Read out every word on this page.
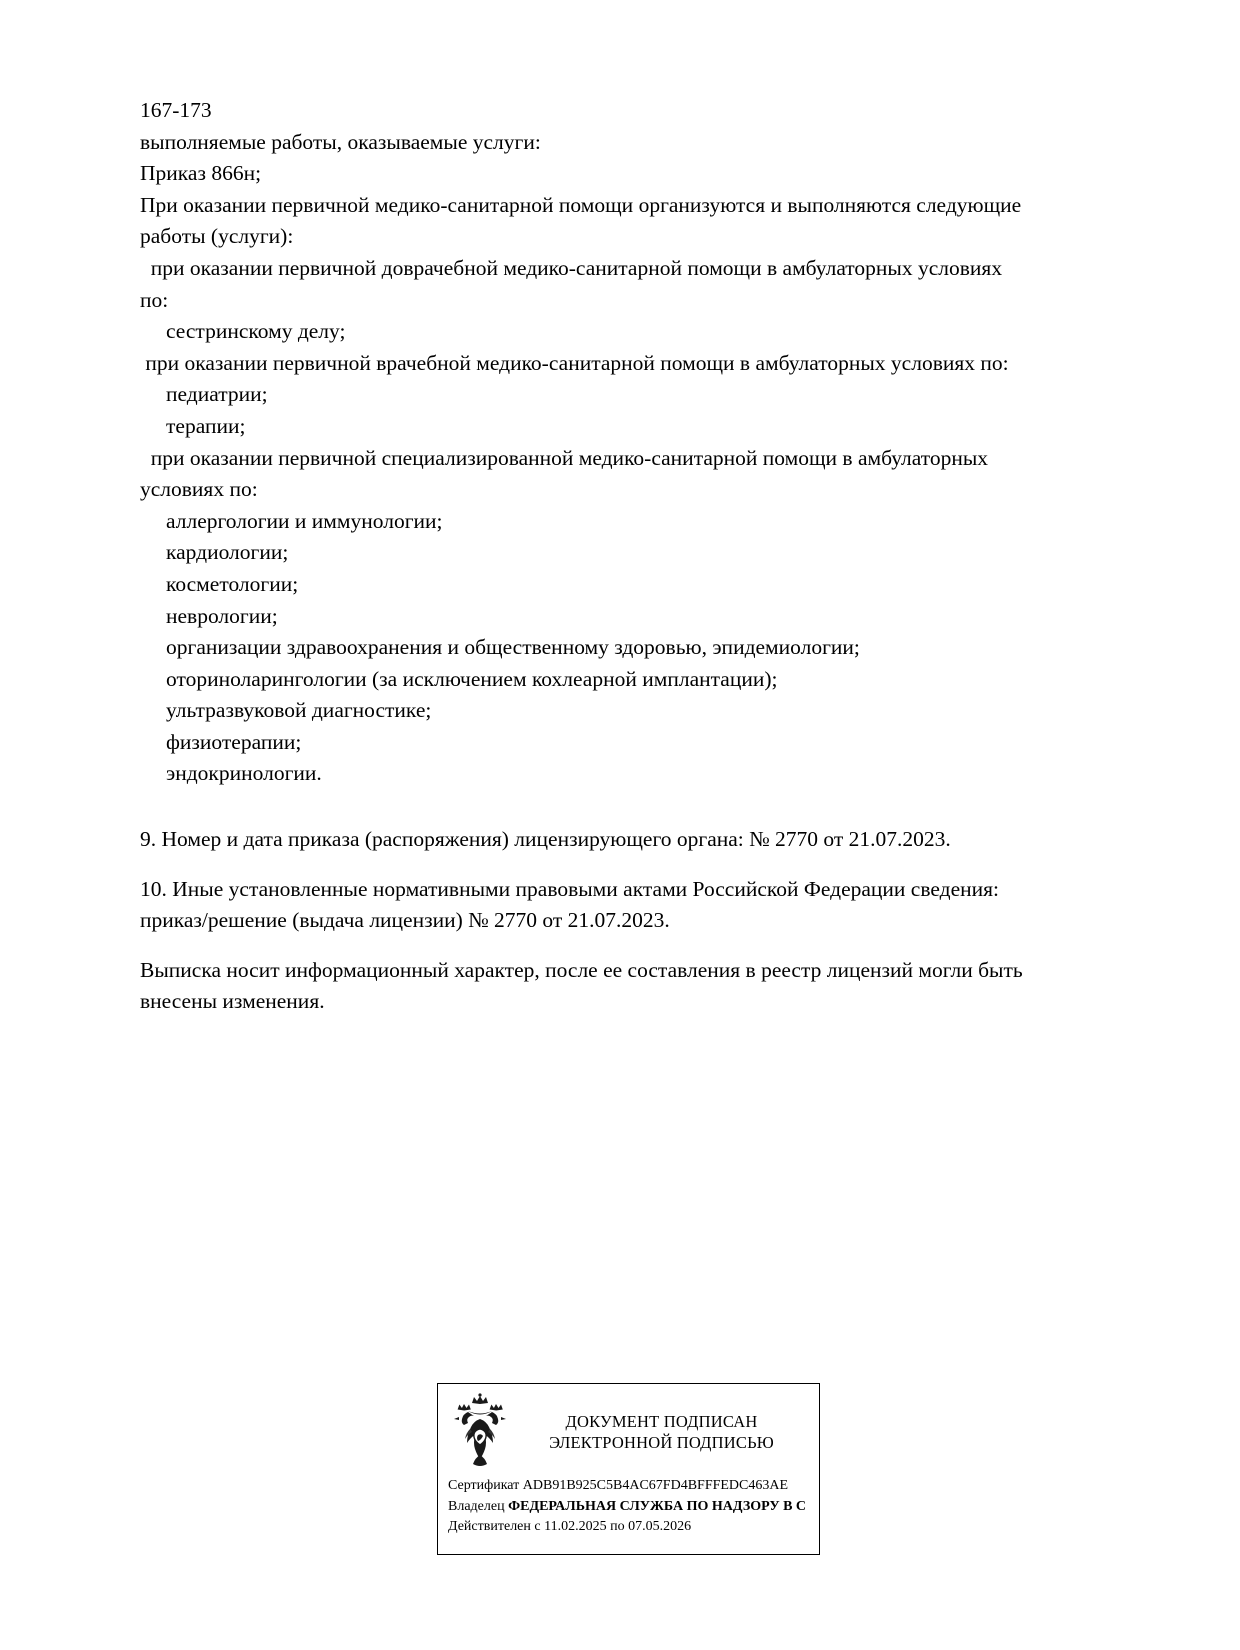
167-173
выполняемые работы, оказываемые услуги:
Приказ 866н;
При оказании первичной медико-санитарной помощи организуются и выполняются следующие
работы (услуги):
при оказании первичной доврачебной медико-санитарной помощи в амбулаторных условиях
по:
сестринскому делу;
при оказании первичной врачебной медико-санитарной помощи в амбулаторных условиях по:
педиатрии;
терапии;
при оказании первичной специализированной медико-санитарной помощи в амбулаторных
условиях по:
аллергологии и иммунологии;
кардиологии;
косметологии;
неврологии;
организации здравоохранения и общественному здоровью, эпидемиологии;
оториноларингологии (за исключением кохлеарной имплантации);
ультразвуковой диагностике;
физиотерапии;
эндокринологии.

9. Номер и дата приказа (распоряжения) лицензирующего органа: № 2770 от 21.07.2023.

10. Иные установленные нормативными правовыми актами Российской Федерации сведения:

приказ/решение (выдача лицензии) № 2770 от 21.07.2023.

Выписка носит информационный характер, после ее составления в реестр лицензий могли быть

внесены изменения.

ДОКУМЕНТ ПОДПИСАН
ЭЛЕКТРОННОЙ ПОДПИСЬЮ
Сертификат ADB91B925C5B4AC67FD4BFFFEDC463AE
Владелец ФЕДЕРАЛЬНАЯ СЛУЖБА ПО НАДЗОРУ В С
Действителен с 11.02.2025 по 07.05.2026
